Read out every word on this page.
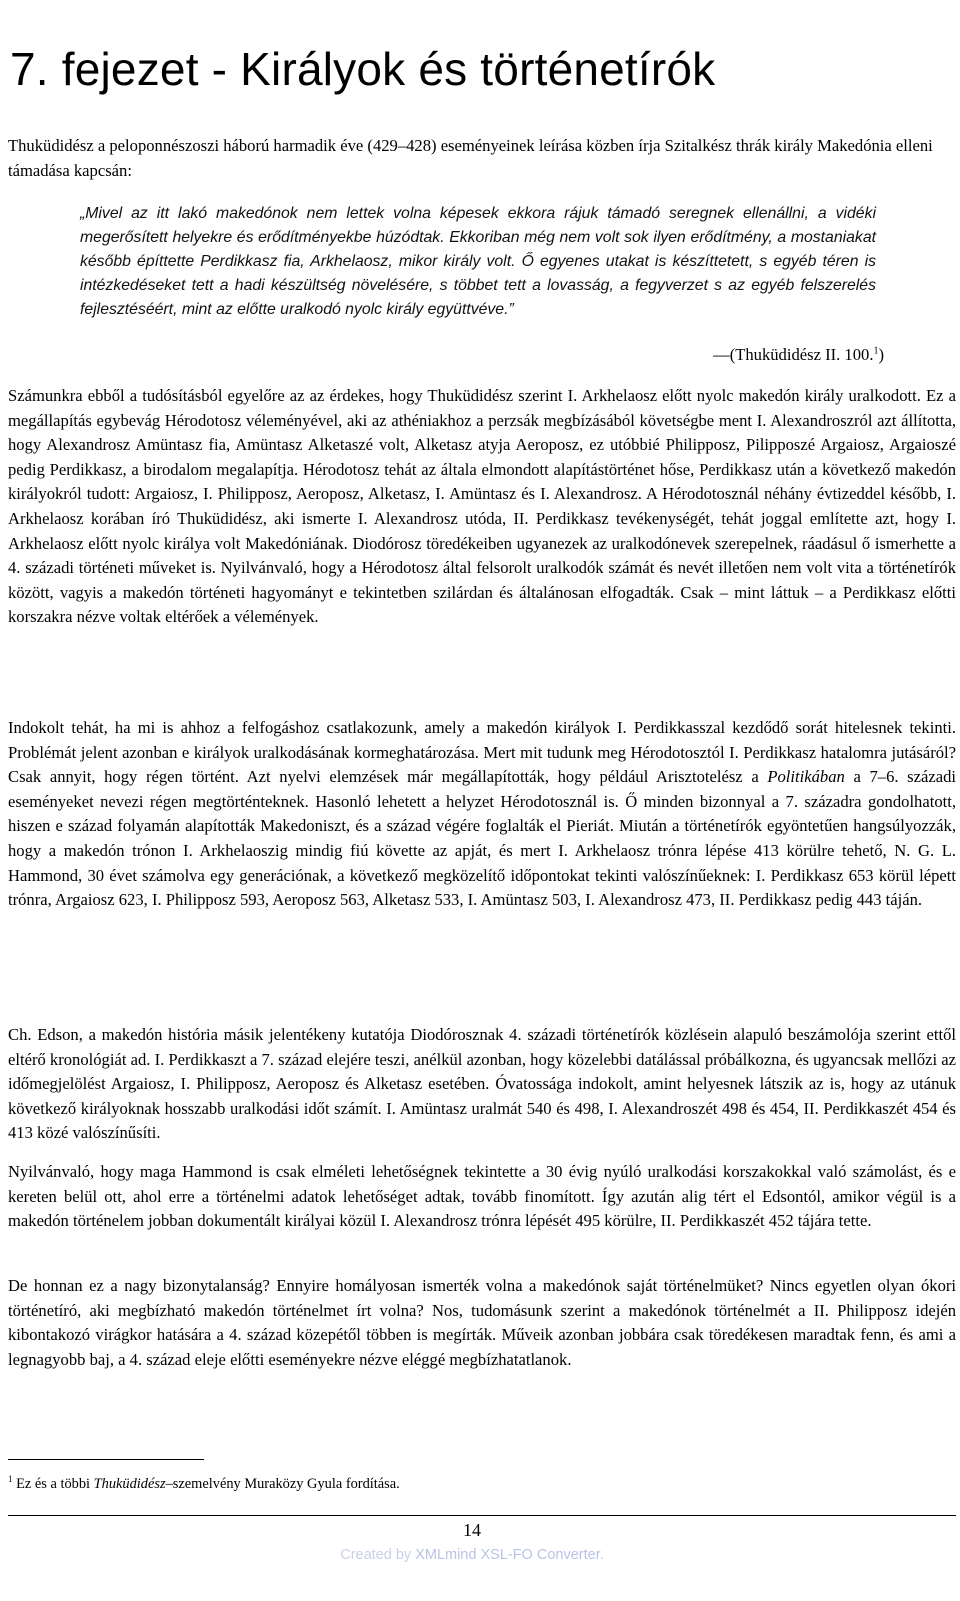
7. fejezet - Királyok és történetírók

Thuküdidész a peloponnészoszi háború harmadik éve (429–428) eseményeinek leírása közben írja Szitalkész thrák király Makedónia elleni támadása kapcsán:

„Mivel az itt lakó makedónok nem lettek volna képesek ekkora rájuk támadó seregnek ellenállni, a vidéki megerősített helyekre és erődítményekbe húzódtak. Ekkoriban még nem volt sok ilyen erődítmény, a mostaniakat később építtette Perdikkasz fia, Arkhelaosz, mikor király volt. Ő egyenes utakat is készíttetett, s egyéb téren is intézkedéseket tett a hadi készültség növelésére, s többet tett a lovasság, a fegyverzet s az egyéb felszerelés fejlesztéséért, mint az előtte uralkodó nyolc király együttvéve.”

—(Thuküdidész II. 100.$^1$)

Számunkra ebből a tudósításból egyelőre az az érdekes, hogy Thuküdidész szerint I. Arkhelaosz előtt nyolc makedón király uralkodott. Ez a megállapítás egybevág Hérodotosz véleményével, aki az athéniakhoz a perzsák megbízásából követségbe ment I. Alexandroszról azt állította, hogy Alexandrosz Amüntasz fia, Amüntasz Alketaszé volt, Alketasz atyja Aeroposz, ez utóbbié Philipposz, Pilipposzé Argaiosz, Argaioszé pedig Perdikkasz, a birodalom megalapítja. Hérodotosz tehát az általa elmondott alapítástörténet hőse, Perdikkasz után a következő makedón királyokról tudott: Argaiosz, I. Philipposz, Aeroposz, Alketasz, I. Amüntasz és I. Alexandrosz. A Hérodotosznál néhány évtizeddel később, I. Arkhelaosz korában író Thuküdidész, aki ismerte I. Alexandrosz utóda, II. Perdikkasz tevékenységét, tehát joggal említette azt, hogy I. Arkhelaosz előtt nyolc királya volt Makedóniának. Diodórosz töredékeiben ugyanezek az uralkodónevek szerepelnek, ráadásul ő ismerhette a 4. századi történeti műveket is. Nyilvánvaló, hogy a Hérodotosz által felsorolt uralkodók számát és nevét illetően nem volt vita a történetírók között, vagyis a makedón történeti hagyományt e tekintetben szilárdan és általánosan elfogadták. Csak – mint láttuk – a Perdikkasz előtti korszakra nézve voltak eltérőek a vélemények.

Indokolt tehát, ha mi is ahhoz a felfogáshoz csatlakozunk, amely a makedón királyok I. Perdikkasszal kezdődő sorát hitelesnek tekinti. Problémát jelent azonban e királyok uralkodásának kormeghatározása. Mert mit tudunk meg Hérodotosztól I. Perdikkasz hatalomra jutásáról? Csak annyit, hogy régen történt. Azt nyelvi elemzések már megállapították, hogy például Arisztotelész a Politikában a 7–6. századi eseményeket nevezi régen megtörténteknek. Hasonló lehetett a helyzet Hérodotosznál is. Ő minden bizonnyal a 7. századra gondolhatott, hiszen e század folyamán alapították Makedoniszt, és a század végére foglalták el Pieriát. Miután a történetírók egyöntetűen hangsúlyozzák, hogy a makedón trónon I. Arkhelaoszig mindig fiú követte az apját, és mert I. Arkhelaosz trónra lépése 413 körülre tehető, N. G. L. Hammond, 30 évet számolva egy generációnak, a következő megközelítő időpontokat tekinti valószínűeknek: I. Perdikkasz 653 körül lépett trónra, Argaiosz 623, I. Philipposz 593, Aeroposz 563, Alketasz 533, I. Amüntasz 503, I. Alexandrosz 473, II. Perdikkasz pedig 443 táján.

Ch. Edson, a makedón história másik jelentékeny kutatója Diodórosznak 4. századi történetírók közlésein alapuló beszámolója szerint ettől eltérő kronológiát ad. I. Perdikkaszt a 7. század elejére teszi, anélkül azonban, hogy közelebbi datálással próbálkozna, és ugyancsak mellőzi az időmegjelölést Argaiosz, I. Philipposz, Aeroposz és Alketasz esetében. Óvatossága indokolt, amint helyesnek látszik az is, hogy az utánuk következő királyoknak hosszabb uralkodási időt számít. I. Amüntasz uralmát 540 és 498, I. Alexandroszét 498 és 454, II. Perdikkaszét 454 és 413 közé valószínűsíti.

Nyilvánvaló, hogy maga Hammond is csak elméleti lehetőségnek tekintette a 30 évig nyúló uralkodási korszakokkal való számolást, és e kereten belül ott, ahol erre a történelmi adatok lehetőséget adtak, tovább finomított. Így azután alig tért el Edsontól, amikor végül is a makedón történelem jobban dokumentált királyai közül I. Alexandrosz trónra lépését 495 körülre, II. Perdikkaszét 452 tájára tette.

De honnan ez a nagy bizonytalanság? Ennyire homályosan ismerték volna a makedónok saját történelmüket? Nincs egyetlen olyan ókori történetíró, aki megbízható makedón történelmet írt volna? Nos, tudomásunk szerint a makedónok történelmét a II. Philipposz idején kibontakozó virágkor hatására a 4. század közepétől többen is megírták. Műveik azonban jobbára csak töredékesen maradtak fenn, és ami a legnagyobb baj, a 4. század eleje előtti eseményekre nézve eléggé megbízhatatlanok.

$^1$ Ez és a többi Thuküdidész–szemelvény Muraközy Gyula fordítása.
14
Created by XMLmind XSL-FO Converter.
